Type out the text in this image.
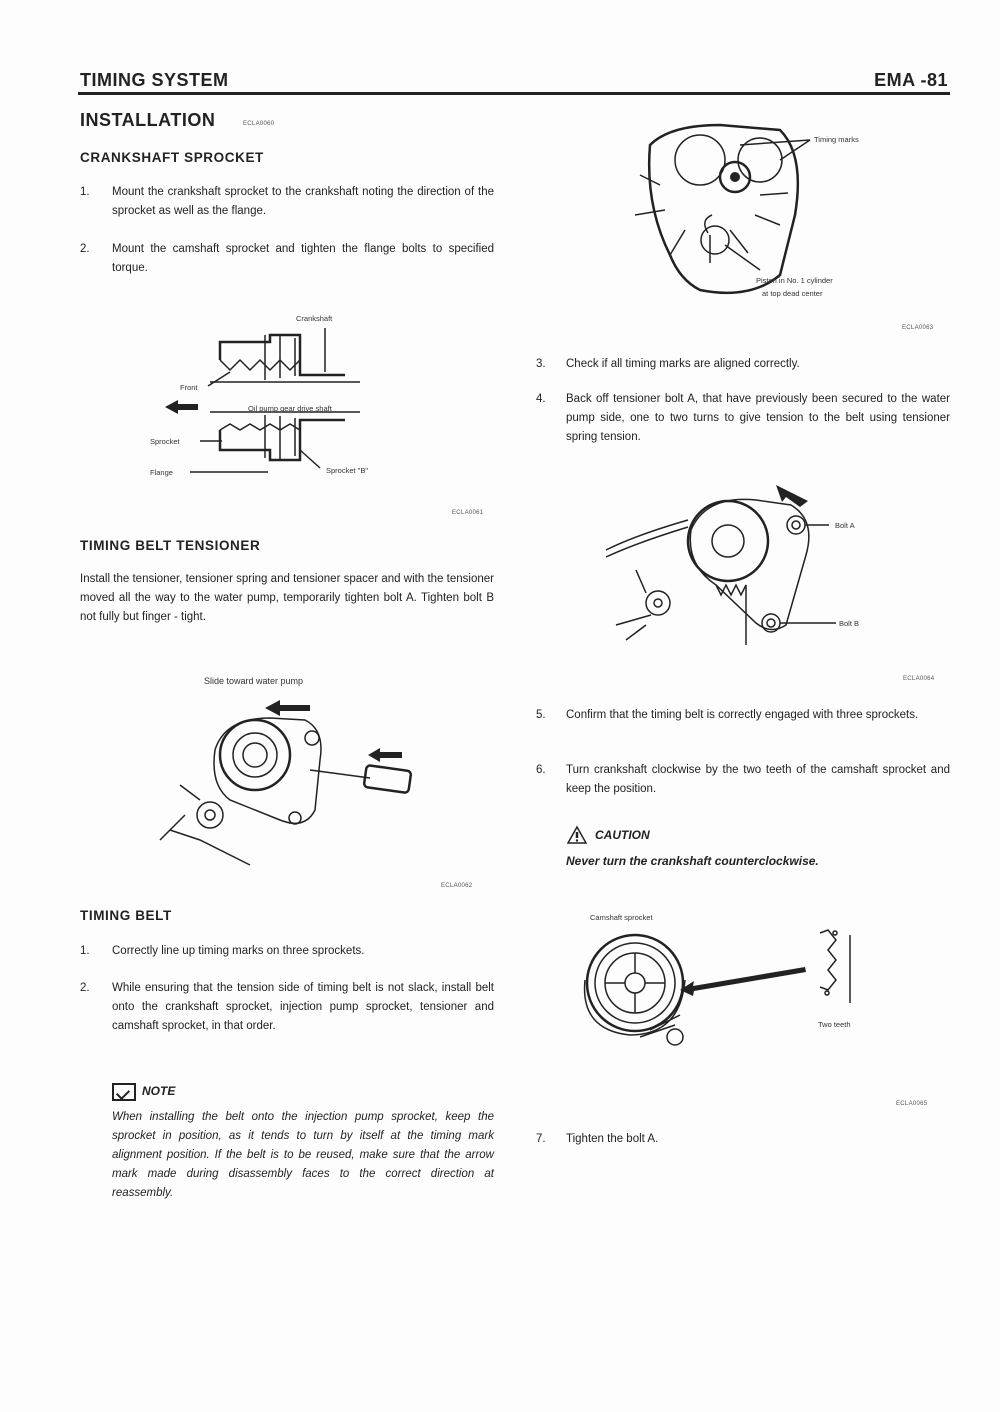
TIMING SYSTEM	EMA -81
INSTALLATION	ECLA0060
CRANKSHAFT SPROCKET
1. Mount the crankshaft sprocket to the crankshaft noting the direction of the sprocket as well as the flange.
2. Mount the camshaft sprocket and tighten the flange bolts to specified torque.
Crankshaft
Front
Oil pump gear drive shaft
Sprocket
Flange	Sprocket "B"
ECLA0061
TIMING BELT TENSIONER
Install the tensioner, tensioner spring and tensioner spacer and with the tensioner moved all the way to the water pump, temporarily tighten bolt A. Tighten bolt B not fully but finger - tight.
Slide toward water pump
ECLA0062
TIMING BELT
1. Correctly line up timing marks on three sprockets.
2. While ensuring that the tension side of timing belt is not slack, install belt onto the crankshaft sprocket, injection pump sprocket, tensioner and camshaft sprocket, in that order.
NOTE
When installing the belt onto the injection pump sprocket, keep the sprocket in position, as it tends to turn by itself at the timing mark alignment position. If the belt is to be reused, make sure that the arrow mark made during disassembly faces to the correct direction at reassembly.
Timing marks
Piston in No. 1 cylinder
at top dead center
ECLA0063
3. Check if all timing marks are aligned correctly.
4. Back off tensioner bolt A, that have previously been secured to the water pump side, one to two turns to give tension to the belt using tensioner spring tension.
Bolt A
Bolt B
ECLA0064
5. Confirm that the timing belt is correctly engaged with three sprockets.
6. Turn crankshaft clockwise by the two teeth of the camshaft sprocket and keep the position.
CAUTION
Never turn the crankshaft counterclockwise.
Camshaft sprocket
Two teeth
ECLA0065
7. Tighten the bolt A.
